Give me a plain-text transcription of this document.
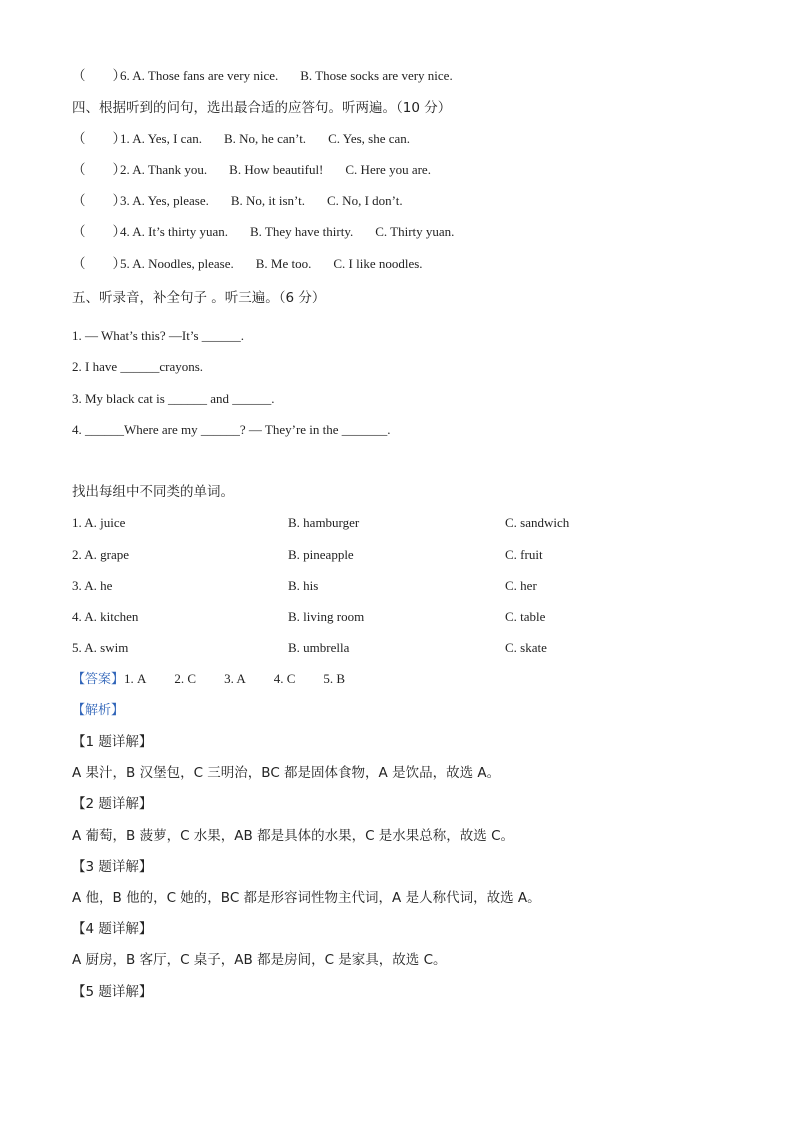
（　　）6. A. Those fans are very nice. B. Those socks are very nice.
四、根据听到的问句，选出最合适的应答句。听两遍。（10 分）
（　　）1. A. Yes, I can. B. No, he can’t. C. Yes, she can.
（　　）2. A. Thank you. B. How beautiful! C. Here you are.
（　　）3. A. Yes, please. B. No, it isn’t. C. No, I don’t.
（　　）4. A. It’s thirty yuan. B. They have thirty. C. Thirty yuan.
（　　）5. A. Noodles, please. B. Me too. C. I like noodles.
五、听录音，补全句子 。听三遍。（6 分）
1. — What’s this? —It’s ______.
2. I have ______crayons.
3. My black cat is ______ and ______.
4. ______Where are my ______? — They’re in the _______.
找出每组中不同类的单词。
1. A. juice	B. hamburger	C. sandwich
2. A. grape	B. pineapple	C. fruit
3. A. he	B. his	C. her
4. A. kitchen	B. living room	C. table
5. A. swim	B. umbrella	C. skate
【答案】1. A 2. C 3. A 4. C 5. B
【解析】
【1 题详解】
A 果汁，B 汉堡包，C 三明治，BC 都是固体食物，A 是饮品，故选 A。
【2 题详解】
A 葡萄，B 菠萝，C 水果，AB 都是具体的水果，C 是水果总称，故选 C。
【3 题详解】
A 他，B 他的，C 她的，BC 都是形容词性物主代词，A 是人称代词，故选 A。
【4 题详解】
A 厨房，B 客厅，C 桌子，AB 都是房间，C 是家具，故选 C。
【5 题详解】
